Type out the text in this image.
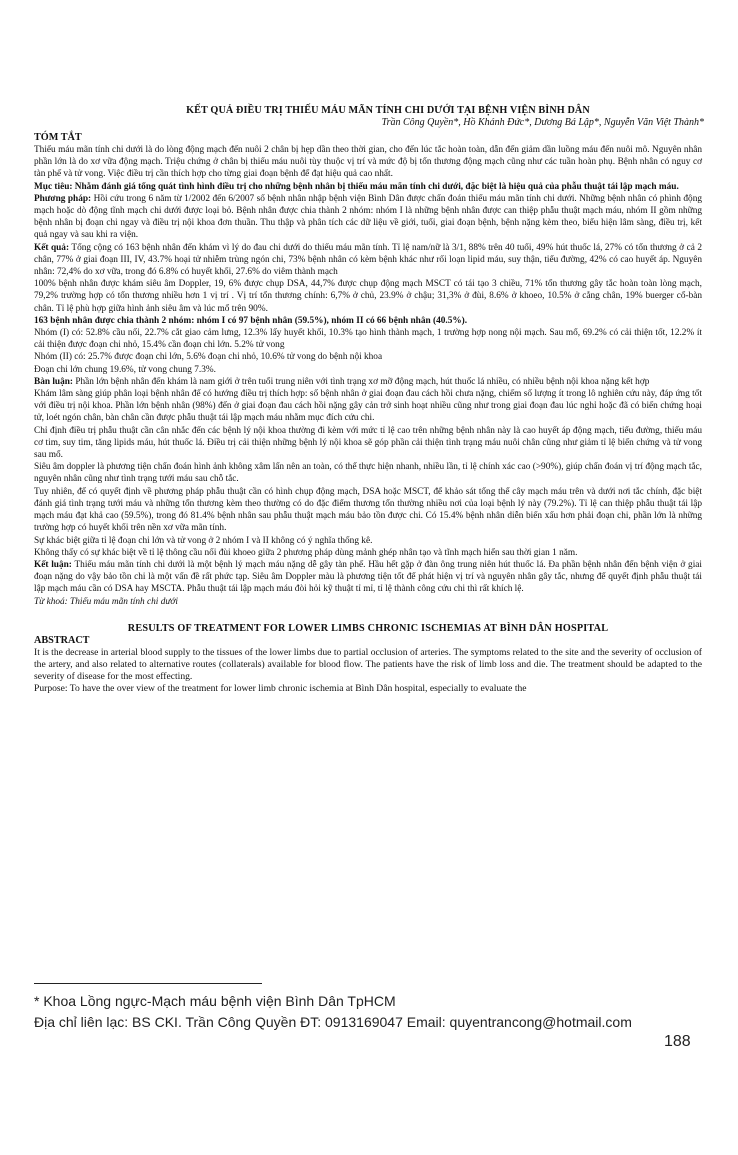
KẾT QUẢ ĐIỀU TRỊ THIẾU MÁU MÃN TÍNH CHI DƯỚI TẠI BỆNH VIỆN BÌNH DÂN
Trần Công Quyền*, Hồ Khánh Đức*, Dương Bá Lập*, Nguyễn Văn Việt Thành*
TÓM TẮT

Thiếu máu mãn tính chi dưới là do lòng động mạch đến nuôi 2 chân bị hẹp dần theo thời gian, cho đến lúc tắc hoàn toàn, dẫn đến giảm dần luồng máu đến nuôi mô. Nguyên nhân phần lớn là do xơ vữa động mạch. Triệu chứng ở chân bị thiếu máu nuôi tùy thuộc vị trí và mức độ bị tổn thương động mạch cũng như các tuần hoàn phụ. Bệnh nhân có nguy cơ tàn phế và tử vong. Việc điều trị cần thích hợp cho từng giai đoạn bệnh để đạt hiệu quả cao nhất.

Mục tiêu: Nhằm đánh giá tổng quát tình hình điều trị cho những bệnh nhân bị thiếu máu mãn tính chi dưới, đặc biệt là hiệu quả của phẫu thuật tái lập mạch máu.

Phương pháp: Hồi cứu trong 6 năm từ 1/2002 đến 6/2007 số bệnh nhân nhập bệnh viện Bình Dân được chẩn đoán thiếu máu mãn tính chi dưới. Những bệnh nhân có phình động mạch hoặc dò động tĩnh mạch chi dưới được loại bỏ. Bệnh nhân được chia thành 2 nhóm: nhóm I là những bệnh nhân được can thiệp phẫu thuật mạch máu, nhóm II gồm những bệnh nhân bị đoạn chi ngay và điều trị nội khoa đơn thuần. Thu thập và phân tích các dữ liệu về giới, tuổi, giai đoạn bệnh, bệnh nặng kèm theo, biểu hiện lâm sàng, điều trị, kết quả ngay và sau khi ra viện.

Kết quả: Tổng cộng có 163 bệnh nhân đến khám vì lý do đau chi dưới do thiếu máu mãn tính. Tỉ lệ nam/nữ là 3/1, 88% trên 40 tuổi, 49% hút thuốc lá, 27% có tổn thương ở cả 2 chân, 77% ở giai đoạn III, IV, 43.7% hoại tử nhiễm trùng ngón chi, 73% bệnh nhân có kèm bệnh khác như rối loạn lipid máu, suy thận, tiểu đường, 42% có cao huyết áp. Nguyên nhân: 72,4% do xơ vữa, trong đó 6.8% có huyết khối, 27.6% do viêm thành mạch

100% bệnh nhân được khám siêu âm Doppler, 19, 6% được chụp DSA, 44,7% được chụp động mạch MSCT có tái tạo 3 chiều, 71% tổn thương gây tắc hoàn toàn lòng mạch, 79,2% trường hợp có tổn thương nhiều hơn 1 vị trí . Vị trí tổn thương chính: 6,7% ở chủ, 23.9% ở chậu; 31,3% ở đùi, 8.6% ở khoeo, 10.5% ở cẳng chân, 19% buerger cổ-bàn chân. Tỉ lệ phù hợp giữa hình ảnh siêu âm và lúc mổ trên 90%.

163 bệnh nhân được chia thành 2 nhóm: nhóm I có 97 bệnh nhân (59.5%), nhóm II có 66 bệnh nhân (40.5%).

Nhóm (I) có: 52.8% cầu nối, 22.7% cắt giao cảm lưng, 12.3% lấy huyết khối, 10.3% tạo hình thành mạch, 1 trường hợp nong nội mạch. Sau mổ, 69.2% có cải thiện tốt, 12.2% ít cải thiện được đoạn chi nhỏ, 15.4% cần đoạn chi lớn. 5.2% tử vong

Nhóm (II) có: 25.7% được đoạn chi lớn, 5.6% đoạn chi nhỏ, 10.6% tử vong do bệnh nội khoa

Đoạn chi lớn chung 19.6%, tử vong chung 7.3%.

Bàn luận: Phần lớn bệnh nhân đến khám là nam giới ở trên tuổi trung niên với tình trạng xơ mỡ động mạch, hút thuốc lá nhiều, có nhiều bệnh nội khoa nặng kết hợp

Khám lâm sàng giúp phân loại bệnh nhân để có hướng điều trị thích hợp: số bệnh nhân ở giai đoạn đau cách hồi chưa nặng, chiếm số lượng ít trong lô nghiên cứu này, đáp ứng tốt với điều trị nội khoa. Phần lớn bệnh nhân (98%) đến ở giai đoạn đau cách hồi nặng gây cản trở sinh hoạt nhiều cũng như trong giai đoạn đau lúc nghỉ hoặc đã có biến chứng hoại tử, loét ngón chân, bàn chân cần được phẫu thuật tái lập mạch máu nhằm mục đích cứu chi.

Chỉ định điều trị phẫu thuật cần cân nhắc đến các bệnh lý nội khoa thường đi kèm với mức tỉ lệ cao trên những bệnh nhân này là cao huyết áp động mạch, tiểu đường, thiếu máu cơ tim, suy tim, tăng lipids máu, hút thuốc lá. Điều trị cải thiện những bệnh lý nội khoa sẽ góp phần cải thiện tình trạng máu nuôi chân cũng như giảm tỉ lệ biến chứng và tử vong sau mổ.

Siêu âm doppler là phương tiện chẩn đoán hình ảnh không xâm lấn nên an toàn, có thể thực hiện nhanh, nhiều lần, tỉ lệ chính xác cao (>90%), giúp chẩn đoán vị trí động mạch tắc, nguyên nhân cũng như tình trạng tưới máu sau chỗ tắc.

Tuy nhiên, để có quyết định về phương pháp phẫu thuật cần có hình chụp động mạch, DSA hoặc MSCT, để khảo sát tổng thể cây mạch máu trên và dưới nơi tắc chính, đặc biệt đánh giá tình trạng tưới máu và những tổn thương kèm theo thường có do đặc điểm thương tổn thường nhiều nơi của loại bệnh lý này (79.2%). Tỉ lệ can thiệp phẫu thuật tái lập mạch máu đạt khả cao (59.5%), trong đó 81.4% bệnh nhân sau phẫu thuật mạch máu bảo tồn được chi. Có 15.4% bệnh nhân diễn biến xấu hơn phải đoạn chi, phần lớn là những trường hợp có huyết khối trên nền xơ vữa mãn tính.

Sự khác biệt giữa tỉ lệ đoạn chi lớn và tử vong ở 2 nhóm I và II không có ý nghĩa thống kê.

Không thấy có sự khác biệt về tỉ lệ thông cầu nối đùi khoeo giữa 2 phương pháp dùng mảnh ghép nhân tạo và tĩnh mạch hiển sau thời gian 1 năm.

Kết luận: Thiếu máu mãn tính chi dưới là một bệnh lý mạch máu nặng dễ gây tàn phế. Hầu hết gặp ở đàn ông trung niên hút thuốc lá. Đa phần bệnh nhân đến bệnh viện ở giai đoạn nặng do vậy bảo tồn chi là một vấn đề rất phức tạp. Siêu âm Doppler màu là phương tiện tốt để phát hiện vị trí và nguyên nhân gây tắc, nhưng để quyết định phẫu thuật tái lập mạch máu cần có DSA hay MSCTA. Phẫu thuật tái lập mạch máu đòi hỏi kỹ thuật tỉ mỉ, tỉ lệ thành công cứu chi thì rất khích lệ.

Từ khoá: Thiếu máu mãn tính chi dưới

RESULTS OF TREATMENT FOR LOWER LIMBS CHRONIC ISCHEMIAS AT BÌNH DÂN HOSPITAL
ABSTRACT

It is the decrease in arterial blood supply to the tissues of the lower limbs due to partial occlusion of arteries. The symptoms related to the site and the severity of occlusion of the artery, and also related to alternative routes (collaterals) available for blood flow. The patients have the risk of limb loss and die. The treatment should be adapted to the severity of disease for the most effecting.

Purpose: To have the over view of the treatment for lower limb chronic ischemia at Bình Dân hospital, especially to evaluate the

* Khoa Lồng ngực-Mạch máu bệnh viện Bình Dân TpHCM
Địa chỉ liên lạc: BS CKI. Trần Công Quyền ĐT: 0913169047 Email: quyentrancong@hotmail.com
188
